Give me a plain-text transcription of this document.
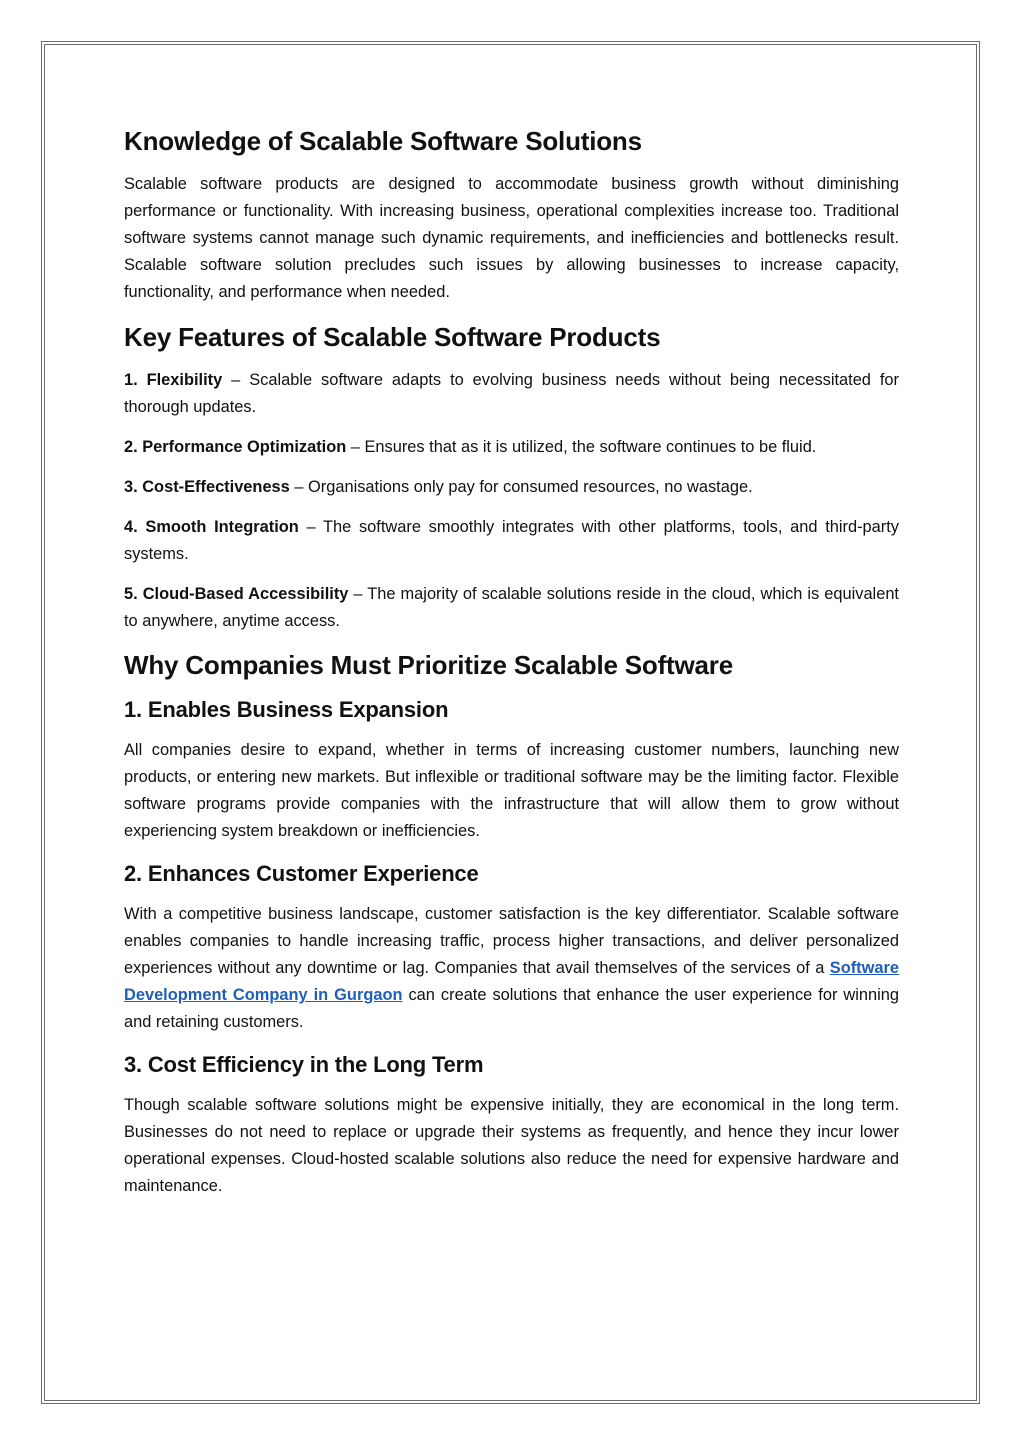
Knowledge of Scalable Software Solutions

Scalable software products are designed to accommodate business growth without diminishing performance or functionality. With increasing business, operational complexities increase too. Traditional software systems cannot manage such dynamic requirements, and inefficiencies and bottlenecks result. Scalable software solution precludes such issues by allowing businesses to increase capacity, functionality, and performance when needed.

Key Features of Scalable Software Products

1. Flexibility – Scalable software adapts to evolving business needs without being necessitated for thorough updates.

2. Performance Optimization – Ensures that as it is utilized, the software continues to be fluid.

3. Cost-Effectiveness – Organisations only pay for consumed resources, no wastage.

4. Smooth Integration – The software smoothly integrates with other platforms, tools, and third-party systems.

5. Cloud-Based Accessibility – The majority of scalable solutions reside in the cloud, which is equivalent to anywhere, anytime access.

Why Companies Must Prioritize Scalable Software
1. Enables Business Expansion

All companies desire to expand, whether in terms of increasing customer numbers, launching new products, or entering new markets. But inflexible or traditional software may be the limiting factor. Flexible software programs provide companies with the infrastructure that will allow them to grow without experiencing system breakdown or inefficiencies.

2. Enhances Customer Experience

With a competitive business landscape, customer satisfaction is the key differentiator. Scalable software enables companies to handle increasing traffic, process higher transactions, and deliver personalized experiences without any downtime or lag. Companies that avail themselves of the services of a Software Development Company in Gurgaon can create solutions that enhance the user experience for winning and retaining customers.

3. Cost Efficiency in the Long Term

Though scalable software solutions might be expensive initially, they are economical in the long term. Businesses do not need to replace or upgrade their systems as frequently, and hence they incur lower operational expenses. Cloud-hosted scalable solutions also reduce the need for expensive hardware and maintenance.
